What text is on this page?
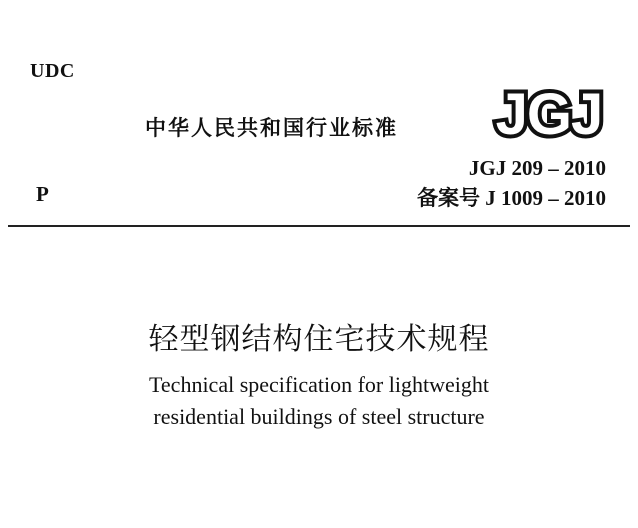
UDC
中华人民共和国行业标准 JGJ
JGJ 209 – 2010
P	备案号 J 1009 – 2010
轻型钢结构住宅技术规程
Technical specification for lightweight
residential buildings of steel structure
